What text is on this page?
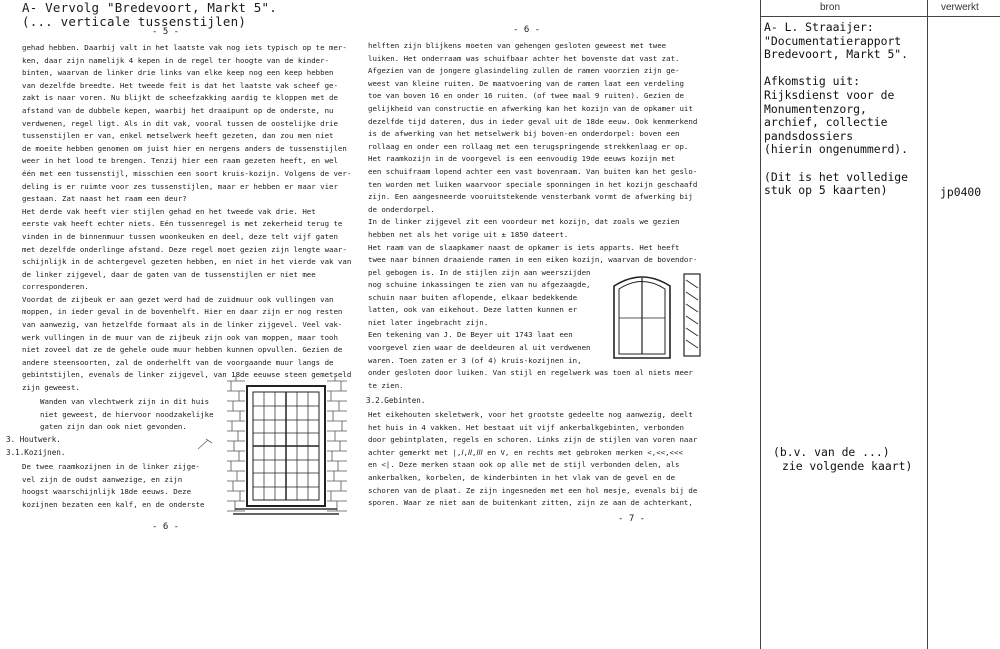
A- Vervolg "Bredevoort, Markt 5".
(... verticale tussenstijlen)
- 5 -

gehad hebben. Daarbij valt in het laatste vak nog iets typisch op te mer-

ken, daar zijn namelijk 4 kepen in de regel ter hoogte van de kinder-

binten, waarvan de linker drie links van elke keep nog een keep hebben

van dezelfde breedte. Het tweede feit is dat het laatste vak scheef ge-

zakt is naar voren. Nu blijkt de scheefzakking aardig te kloppen met de

afstand van de dubbele kepen, waarbij het draaipunt op de onderste, nu

verdwenen, regel ligt. Als in dit vak, vooral tussen de oostelijke drie

tussenstijlen er van, enkel metselwerk heeft gezeten, dan zou men niet

de moeite hebben genomen om juist hier en nergens anders de tussenstijlen

weer in het lood te brengen. Tenzij hier een raam gezeten heeft, en wel

één met een tussenstijl, misschien een soort kruis-kozijn. Volgens de ver-

deling is er ruimte voor zes tussenstijlen, maar er hebben er maar vier

gestaan. Zat naast het raam een deur?

Het derde vak heeft vier stijlen gehad en het tweede vak drie. Het

eerste vak heeft echter niets. Eén tussenregel is met zekerheid terug te

vinden in de binnenmuur tussen woonkeuken en deel, deze telt vijf gaten

met dezelfde onderlinge afstand. Deze regel moet gezien zijn lengte waar-

schijnlijk in de achtergevel gezeten hebben, en niet in het vierde vak van

de linker zijgevel, daar de gaten van de tussenstijlen er niet mee

corresponderen.

Voordat de zijbeuk er aan gezet werd had de zuidmuur ook vullingen van

moppen, in ieder geval in de bovenhelft. Hier en daar zijn er nog resten

van aanwezig, van hetzelfde formaat als in de linker zijgevel. Veel vak-

werk vullingen in de muur van de zijbeuk zijn ook van moppen, maar tooh

niet zoveel dat ze de gehele oude muur hebben kunnen opvullen. Gezien de

andere steensoorten, zal de onderhelft van de voorgaande muur langs de

gebintstijlen, evenals de linker zijgevel, van 18de eeuwse steen gemetseld

zijn geweest.

Wanden van vlechtwerk zijn in dit huis

niet geweest, de hiervoor noodzakelijke

gaten zijn dan ook niet gevonden.

3. Houtwerk.
3.1.Kozijnen.

De twee raamkozijnen in de linker zijge-

vel zijn de oudst aanwezige, en zijn

hoogst waarschijnlijk 18de eeuws. Deze

kozijnen bezaten een kalf, en de onderste

- 6 -
- 6 -

helften zijn blijkens moeten van gehengen gesloten geweest met twee

luiken. Het onderraam was schuifbaar achter het bovenste dat vast zat.

Afgezien van de jongere glasindeling zullen de ramen voorzien zijn ge-

weest van kleine ruiten. De maatvoering van de ramen laat een verdeling

toe van boven 16 en onder 16 ruiten. (of twee maal 9 ruiten). Gezien de

gelijkheid van constructie en afwerking kan het kozijn van de opkamer uit

dezelfde tijd dateren, dus in ieder geval uit de 18de eeuw. Ook kenmerkend

is de afwerking van het metselwerk bij boven-en onderdorpel: boven een

rollaag en onder een rollaag met een terugspringende strekkenlaag er op.

Het raamkozijn in de voorgevel is een eenvoudig 19de eeuws kozijn met

een schuifraam lopend achter een vast bovenraam. Van buiten kan het geslo-

ten worden met luiken waarvoor speciale sponningen in het kozijn geschaafd

zijn. Een aangesneerde vooruitstekende vensterbank vormt de afwerking bij

de onderdorpel.

In de linker zijgevel zit een voordeur met kozijn, dat zoals we gezien

hebben net als het vorige uit ± 1850 dateert.

Het raam van de slaapkamer naast de opkamer is iets apparts. Het heeft

twee naar binnen draaiende ramen in een eiken kozijn, waarvan de bovendor-

pel gebogen is. In de stijlen zijn aan weerszijden

nog schuine inkassingen te zien van nu afgezaagde,

schuin naar buiten aflopende, elkaar bedekkende

latten, ook van eikehout. Deze latten kunnen er

niet later ingebracht zijn.

Een tekening van J. De Beyer uit 1743 laat een

voorgevel zien waar de deeldeuren al uit verdwenen

waren. Toen zaten er 3 (of 4) kruis-kozijnen in,

onder gesloten door luiken. Van stijl en regelwerk was toen al niets meer

te zien.

3.2.Gebinten.

Het eikehouten skeletwerk, voor het grootste gedeelte nog aanwezig, deelt

het huis in 4 vakken. Het bestaat uit vijf ankerbalkgebinten, verbonden

door gebintplaten, regels en schoren. Links zijn de stijlen van voren naar

achter gemerkt met |,𝐼,𝐼𝐼,𝐼𝐼𝐼 en V, en rechts met gebroken merken <,<<,<<<

en <|. Deze merken staan ook op alle met de stijl verbonden delen, als

ankerbalken, korbelen, de kinderbinten in het vlak van de gevel en de

schoren van de plaat. Ze zijn ingesneden met een hol mesje, evenals bij de

sporen. Waar ze niet aan de buitenkant zitten, zijn ze aan de achterkant,

- 7 -
bron	verwerkt

A- L. Straaijer:

"Documentatierapport

Bredevoort, Markt 5".

Afkomstig uit:

Rijksdienst voor de

Monumentenzorg,

archief, collectie

pandsdossiers

(hierin ongenummerd).

(Dit is het volledige

stuk op 5 kaarten)	jp0400
(b.v. van de ...)
zie volgende kaart)
